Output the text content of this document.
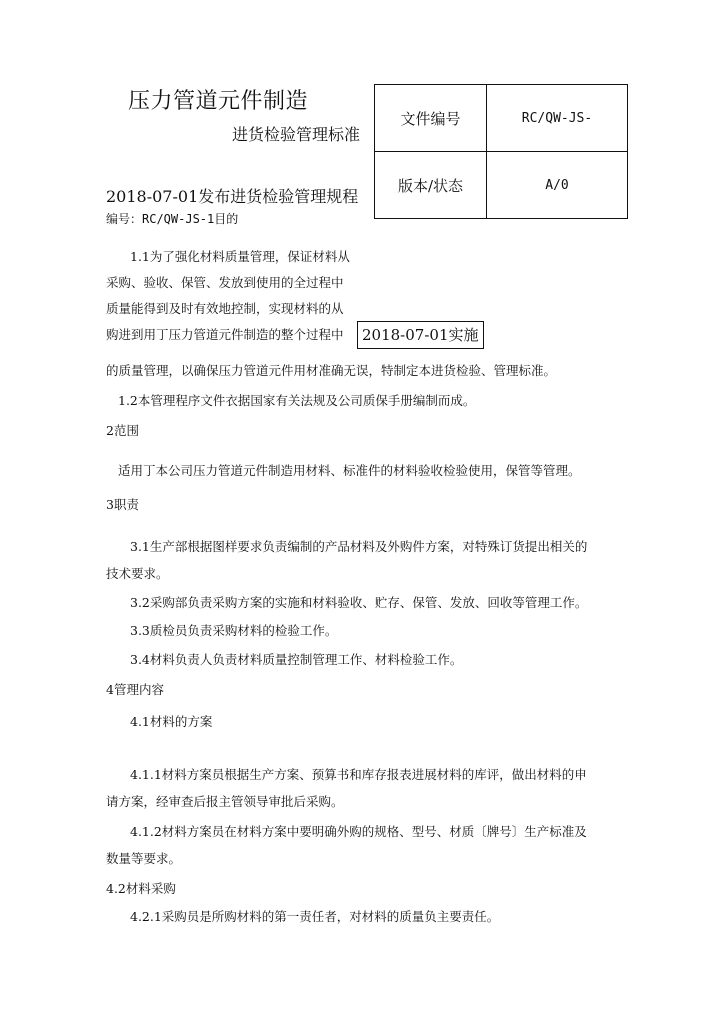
压力管道元件制造
进货检验管理标准
2018-07-01发布进货检验管理规程
编号：RC/QW-JS-1目的
文件编号	RC/QW-JS-
版本/状态	A/0
2018-07-01实施
1.1为了强化材料质量管理，保证材料从
采购、验收、保管、发放到使用的全过程中
质量能得到及时有效地控制，实现材料的从
购进到用丁压力管道元件制造的整个过程中
的质量管理，以确保压力管道元件用材准确无误，特制定本进货检验、管理标准。
1.2本管理程序文件衣据国家有关法规及公司质保手册编制而成。
2范围
适用丁本公司压力管道元件制造用材料、标准件的材料验收检验使用，保管等管理。
3职责
3.1生产部根据图样要求负责编制的产品材料及外购件方案，对特殊订货提出相关的
技术要求。
3.2采购部负责采购方案的实施和材料验收、贮存、保管、发放、回收等管理工作。
3.3质检员负责采购材料的检验工作。
3.4材料负责人负责材料质量控制管理工作、材料检验工作。
4管理内容
4.1材料的方案
4.1.1材料方案员根据生产方案、预算书和库存报表进展材料的库评，做出材料的申
请方案，经审查后报主管领导审批后采购。
4.1.2材料方案员在材料方案中要明确外购的规格、型号、材质〔牌号〕生产标准及
数量等要求。
4.2材料采购
4.2.1采购员是所购材料的第一责任者，对材料的质量负主要责任。
